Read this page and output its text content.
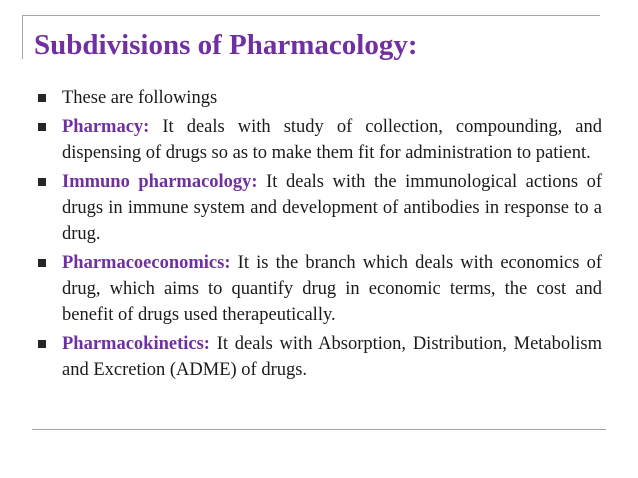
Subdivisions of Pharmacology:
These are followings
Pharmacy: It deals with study of collection, compounding, and dispensing of drugs so as to make them fit for administration to patient.
Immuno pharmacology: It deals with the immunological actions of drugs in immune system and development of antibodies in response to a drug.
Pharmacoeconomics: It is the branch which deals with economics of drug, which aims to quantify drug in economic terms, the cost and benefit of drugs used therapeutically.
Pharmacokinetics: It deals with Absorption, Distribution, Metabolism and Excretion (ADME) of drugs.
